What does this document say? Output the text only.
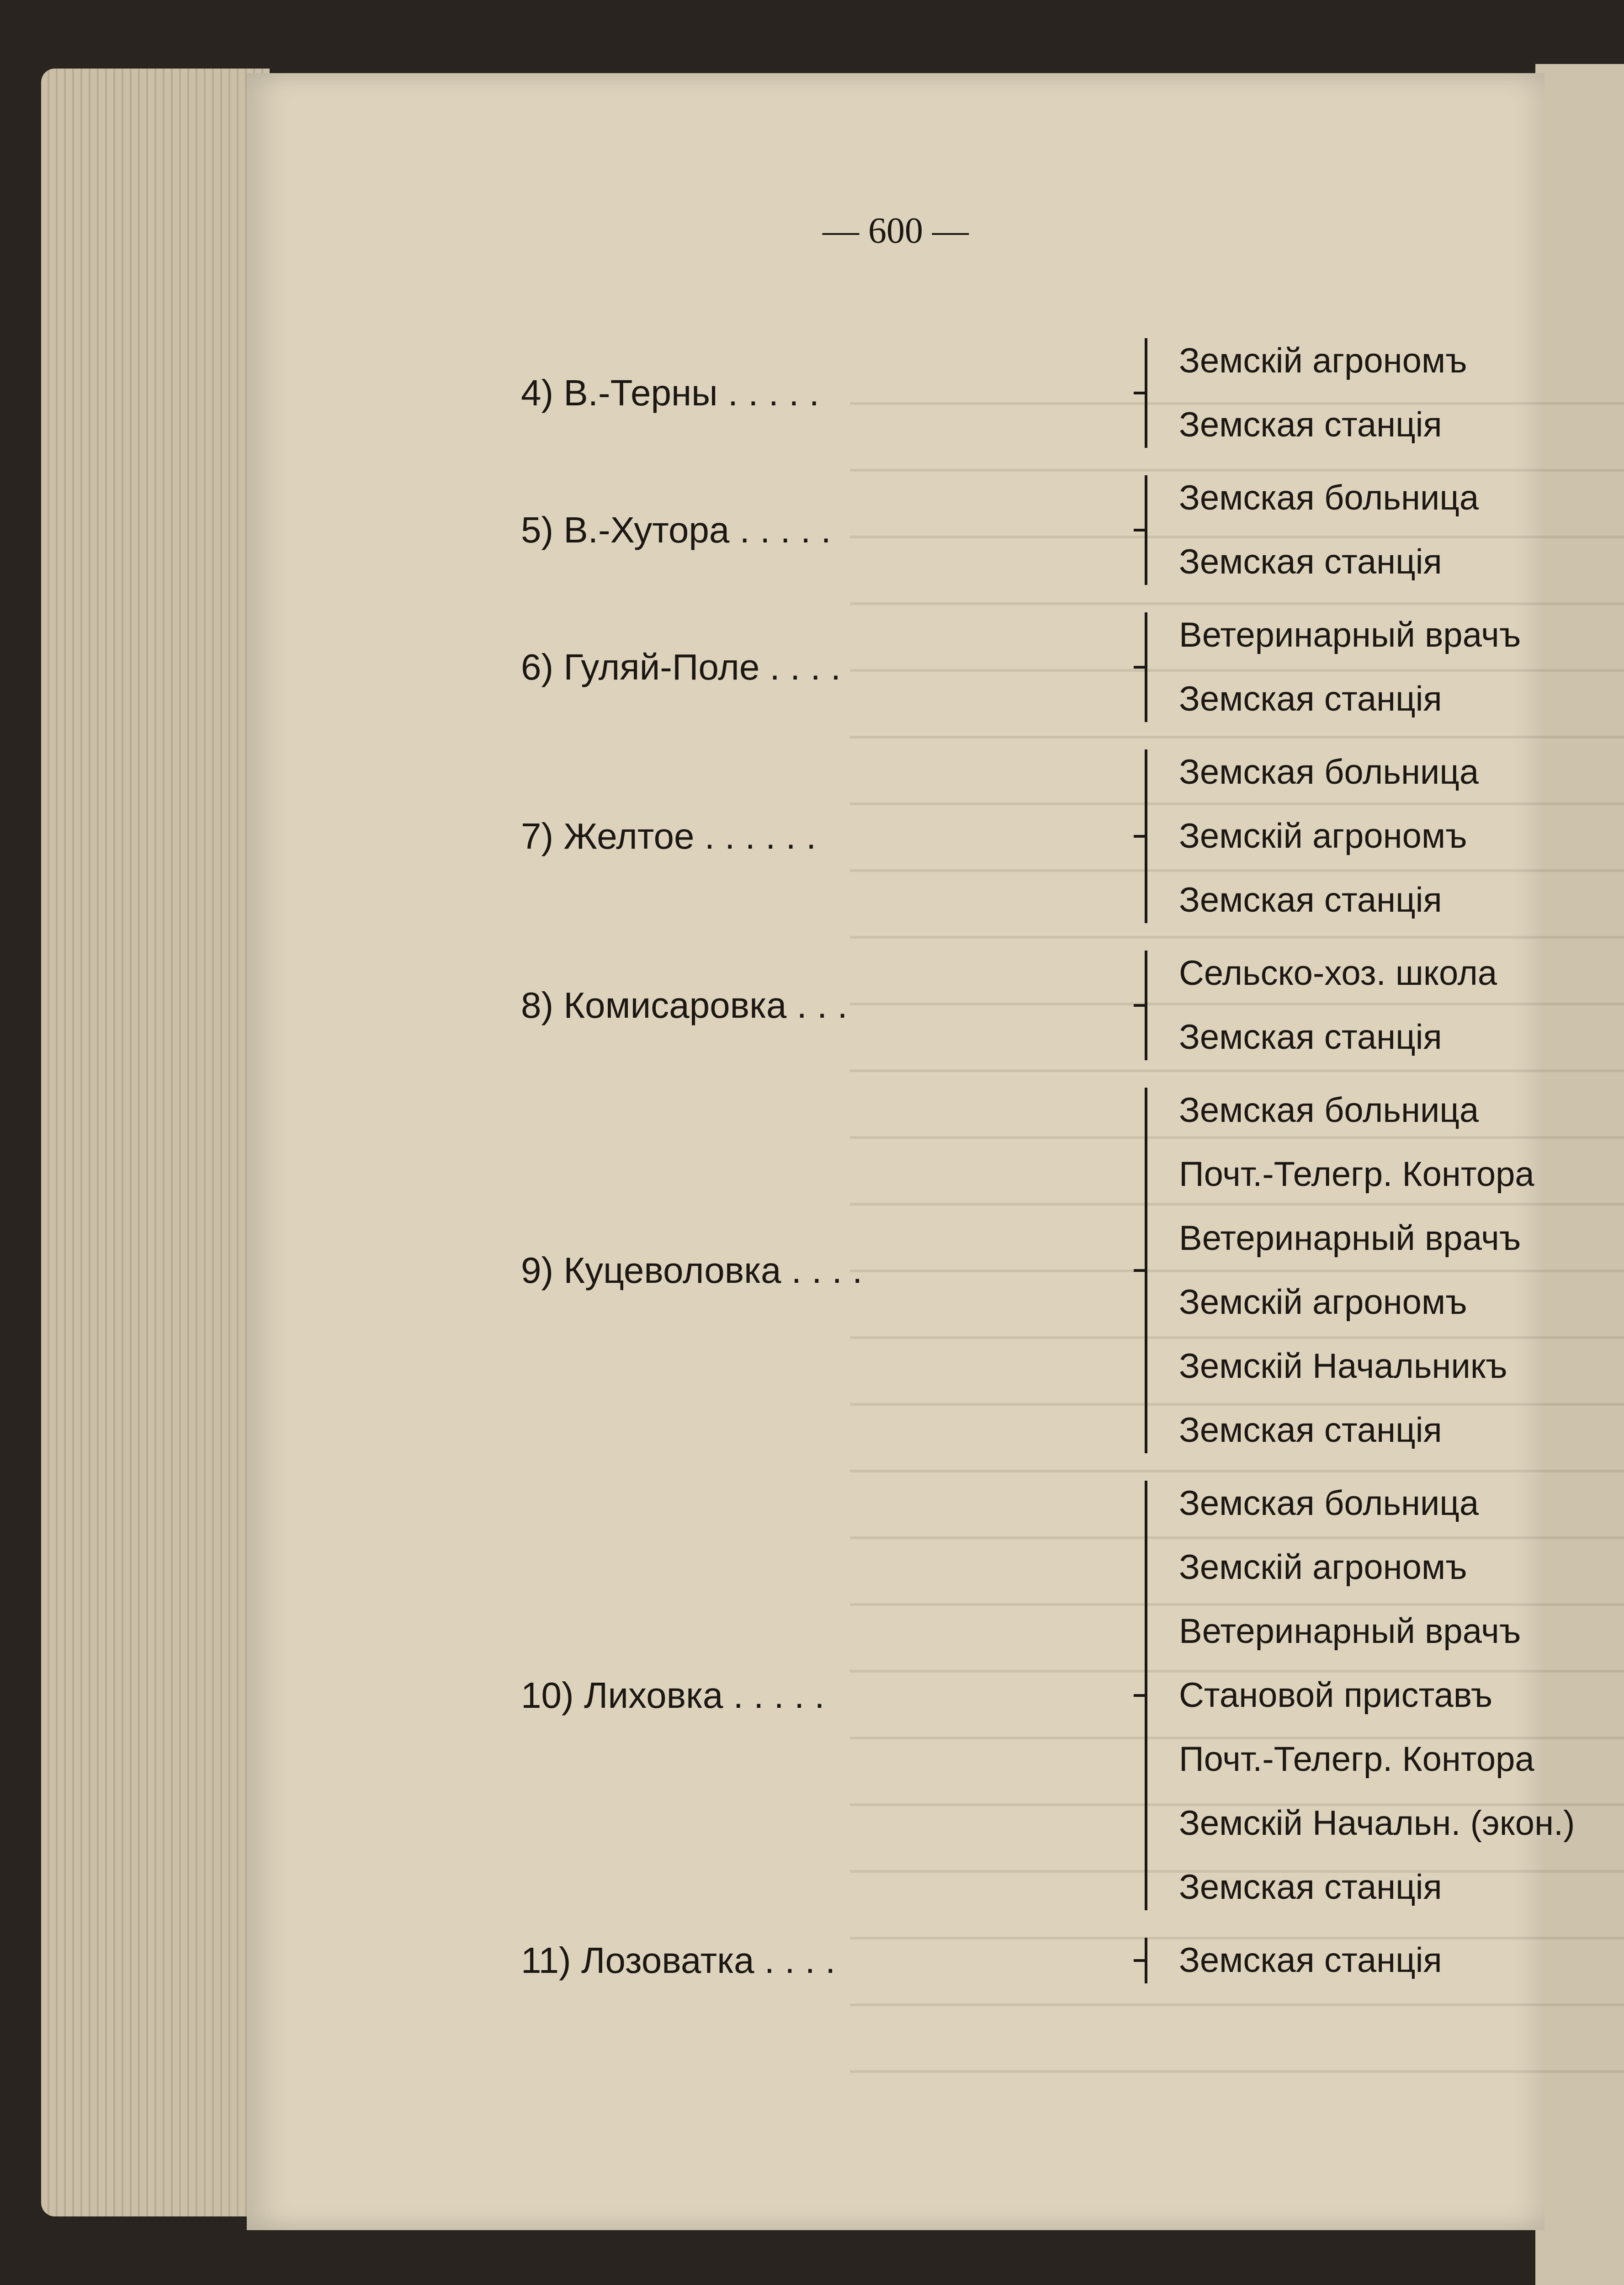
— 600 —
4) В.-Терны . . . . .
Земскій агрономъ
Земская станція
5) В.-Хутора . . . . .
Земская больница
Земская станція
6) Гуляй-Поле . . . .
Ветеринарный врачъ
Земская станція
7) Желтое . . . . . .
Земская больница
Земскій агрономъ
Земская станція
8) Комисаровка . . .
Сельско-хоз. школа
Земская станція
9) Куцеволовка . . . .
Земская больница
Почт.-Телегр. Контора
Ветеринарный врачъ
Земскій агрономъ
Земскій Начальникъ
Земская станція
10) Лиховка . . . . .
Земская больница
Земскій агрономъ
Ветеринарный врачъ
Становой приставъ
Почт.-Телегр. Контора
Земскій Начальн. (экон.)
Земская станція
11) Лозоватка . . . .	Земская станція
